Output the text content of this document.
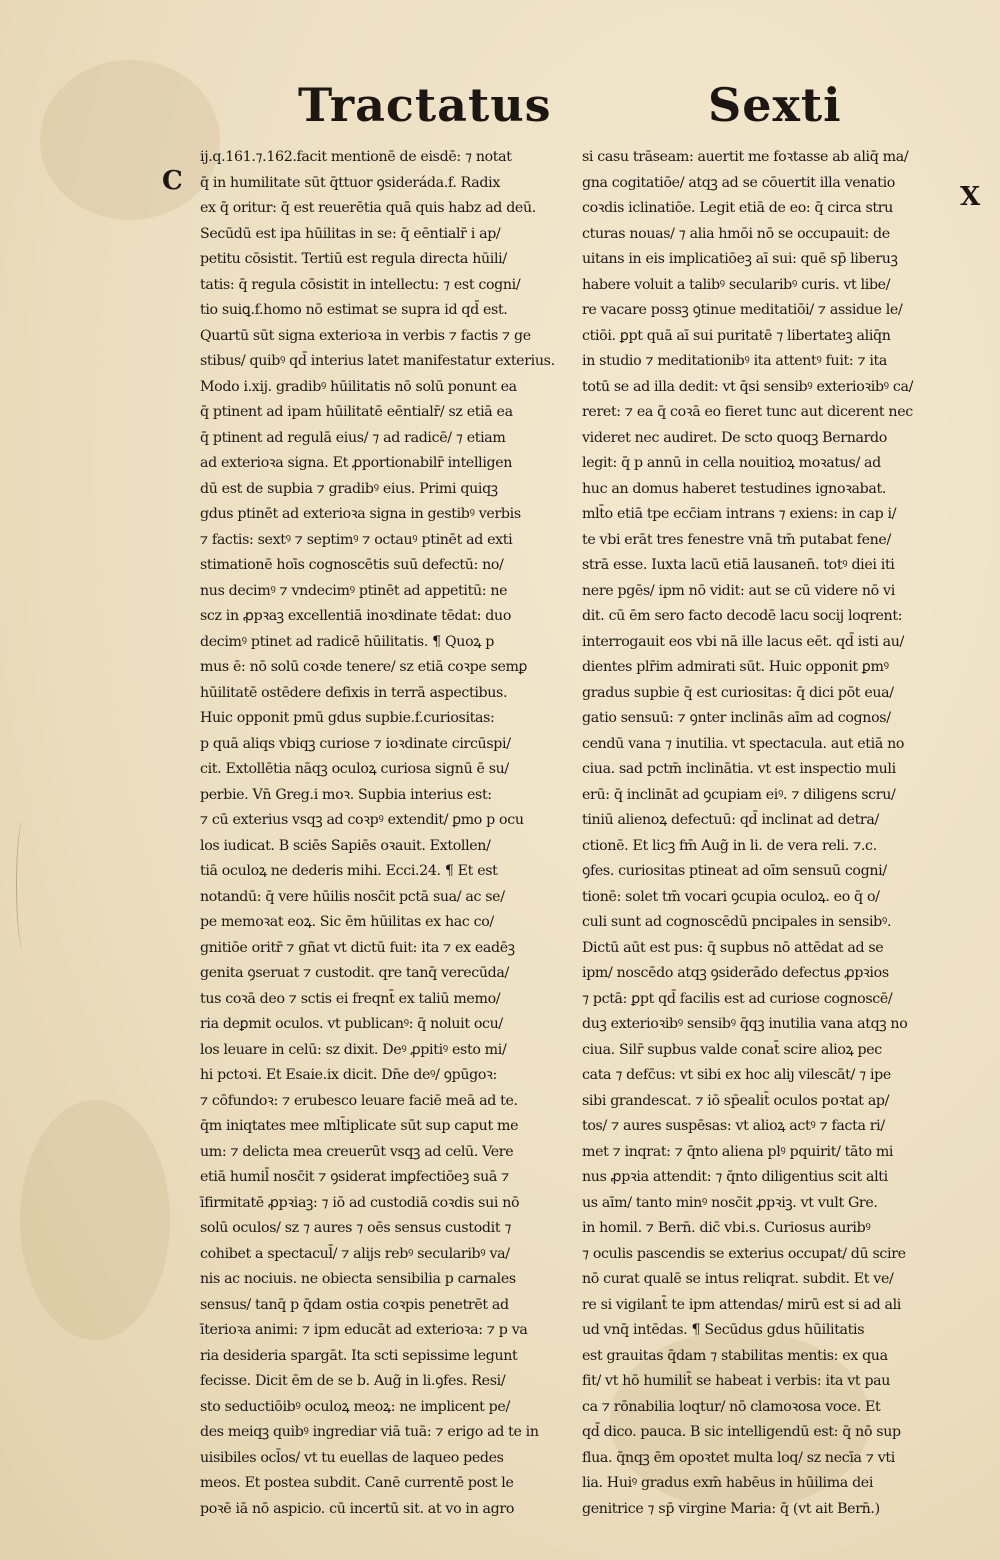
Tractatus	Sexti
C
X
ij.q.161.⁊.162.facit mentionē de eisdē: ⁊ notat
q̄ in humilitate sūt q̄ttuor ꝯsideráda.f. Radix
ex q̄ oritur: q̄ est reuerētia quā quis habz ad deū.
Secūdū est ipa hūilitas in se: q̄ eēntialr̄ i ap/
petitu cōsistit. Tertiū est regula directa hūili/
tatis: q̄ regula cōsistit in intellectu: ⁊ est cogni/
tio suiꝗ.f.homo nō estimat se supra id qd̄ est.
Quartū sūt signa exterioꝛa in verbis ⁊ factis ⁊ ge
stibus/ quibꝰ qd̄ interius latet manifestatur exterius.
Modo i.xij. gradibꝰ hūilitatis nō solū ponunt ea
q̄ ptinent ad ipam hūilitatē eēntialr̄/ sz etiā ea
q̄ ptinent ad regulā eius/ ⁊ ad radicē/ ⁊ etiam
ad exterioꝛa signa. Et ꝓportionabilr̄ intelligen
dū est de supbia ⁊ gradibꝰ eius. Primi quiqꝫ
gdus ptinēt ad exterioꝛa signa in gestibꝰ verbis
⁊ factis: sextꝰ ⁊ septimꝰ ⁊ octauꝰ ptinēt ad exti
stimationē hoīs cognoscētis suū defectū: no/
nus decimꝰ ⁊ vndecimꝰ ptinēt ad appetitū: ne
scz in ꝓpꝛaꝫ excellentiā inoꝛdinate tēdat: duo
decimꝰ ptinet ad radicē hūilitatis. ¶ Quoꝝ p
mus ē: nō solū coꝛde tenere/ sz etiā coꝛpe semꝑ
hūilitatē ostēdere defixis in terrā aspectibus.
Huic opponit pmū gdus supbie.f.curiositas:
p quā aliqs vbiqꝫ curiose ⁊ ioꝛdinate circūspi/
cit. Extollētia nāqꝫ oculoꝝ curiosa signū ē su/
perbie. Vn̄ Greg.i moꝛ. Supbia interius est:
⁊ cū exterius vsqꝫ ad coꝛpꝰ extendit/ ꝑmo p ocu
los iudicat. B sciēs Sapiēs oꝛauit. Extollen/
tiā oculoꝝ ne dederis mihi. Ecci.24. ¶ Et est
notandū: q̄ vere hūilis nosc̄it pctā sua/ ac se/
pe memoꝛat eoꝝ. Sic ēm hūilitas ex hac co/
gnitiōe oritr̄ ⁊ gñat vt dictū fuit: ita ⁊ ex eadēꝫ
genita ꝯseruat ⁊ custodit. qre tanq̄ verecūda/
tus coꝛā deo ⁊ sctis ei freqnt̄ ex taliū memo/
ria deꝑmit oculos. vt publicanꝰ: q̄ noluit ocu/
los leuare in celū: sz dixit. Deꝰ ꝓpitiꝰ esto mi/
hi pctoꝛi. Et Esaie.ix dicit. Dn̄e deꝰ/ ꝯpūgoꝛ:
⁊ cōfundoꝛ: ⁊ erubesco leuare faciē meā ad te.
q̄m iniqtates mee mlt̄iplicate sūt sup caput me
um: ⁊ delicta mea creuerūt vsqꝫ ad celū. Vere
etiā humil̄ nosc̄it ⁊ ꝯsiderat imꝑfectiōeꝫ suā ⁊
īfirmitatē ꝓpꝛiaꝫ: ⁊ iō ad custodiā coꝛdis sui nō
solū oculos/ sz ⁊ aures ⁊ oēs sensus custodit ⁊
cohibet a spectacul̄/ ⁊ alijs rebꝰ secularibꝰ va/
nis ac nociuis. ne obiecta sensibilia p carnales
sensus/ tanq̄ p q̄dam ostia coꝛpis penetrēt ad
īterioꝛa animi: ⁊ ipm educāt ad exterioꝛa: ⁊ p va
ria desideria spargāt. Ita scti sepissime legunt
fecisse. Dicit ēm de se b. Aug̃ in li.ꝯfes. Resi/
sto seductiōibꝰ oculoꝝ meoꝝ: ne implicent pe/
des meiqꝫ quibꝰ ingrediar viā tuā: ⁊ erigo ad te in
uisibiles ocl̄os/ vt tu euellas de laqueo pedes
meos. Et postea subdit. Canē currentē post le
poꝛē iā nō aspicio. cū incertū sit. at vo in agro
si casu trāseam: auertit me foꝛtasse ab aliq̄ ma/
gna cogitatiōe/ atqꝫ ad se cōuertit illa venatio
coꝛdis iclinatiōe. Legit etiā de eo: q̄ circa stru
cturas nouas/ ⁊ alia hmōi nō se occupauit: de
uitans in eis implicatiōeꝫ aī sui: quē sp̄ liberuꝫ
habere voluit a talibꝰ secularibꝰ curis. vt libe/
re vacare possꝫ ꝯtinue meditatiōi/ ⁊ assidue le/
ctiōi. ꝑpt quā aī sui puritatē ⁊ libertateꝫ aliq̄n
in studio ⁊ meditationibꝰ ita attentꝰ fuit: ⁊ ita
totū se ad illa dedit: vt q̄si sensibꝰ exterioꝛibꝰ ca/
reret: ⁊ ea q̄ coꝛā eo fieret tunc aut dicerent nec
videret nec audiret. De scto quoqꝫ Bernardo
legit: q̄ p annū in cella nouitioꝝ moꝛatus/ ad
huc an domus haberet testudines ignoꝛabat.
mlt̄o etiā tpe ecc̄iam intrans ⁊ exiens: in cap i/
te vbi erāt tres fenestre vnā tm̄ putabat fene/
strā esse. Iuxta lacū etiā lausanen̄. totꝰ diei iti
nere pgēs/ ipm nō vidit: aut se cū videre nō vi
dit. cū ēm sero facto decodē lacu socij loqrent:
interrogauit eos vbi nā ille lacus eēt. qd̄ isti au/
dientes plr̄im admirati sūt. Huic opponit ꝑmꝰ
gradus supbie q̄ est curiositas: q̄ dici pōt eua/
gatio sensuū: ⁊ ꝯnter inclinās aīm ad cognos/
cendū vana ⁊ inutilia. vt spectacula. aut etiā no
ciua. sad pctm̄ inclinātia. vt est inspectio muli
erū: q̄ inclināt ad ꝯcupiam eiꝰ. ⁊ diligens scru/
tiniū alienoꝝ defectuū: qd̄ inclinat ad detra/
ctionē. Et licꝫ fm̄ Aug̃ in li. de vera reli. ⁊.c.
ꝯfes. curiositas ptineat ad oīm sensuū cogni/
tionē: solet tm̄ vocari ꝯcupia oculoꝝ. eo q̄ o/
culi sunt ad cognoscēdū pncipales in sensibꝰ.
Dictū aūt est pus: q̄ supbus nō attēdat ad se
ipm/ noscēdo atqꝫ ꝯsiderādo defectus ꝓpꝛios
⁊ pctā: ꝑpt qd̄ facilis est ad curiose cognoscē/
duꝫ exterioꝛibꝰ sensibꝰ q̄qꝫ inutilia vana atqꝫ no
ciua. Silr̄ supbus valde conat̄ scire alioꝝ pec
cata ⁊ defc̄us: vt sibi ex hoc aliȷ vilescāt/ ⁊ ipe
sibi grandescat. ⁊ iō sp̄ealit̄ oculos poꝛtat ap/
tos/ ⁊ aures suspēsas: vt alioꝝ actꝰ ⁊ facta ri/
met ⁊ inqrat: ⁊ q̄nto aliena plꝰ pquirit/ tāto mi
nus ꝓpꝛia attendit: ⁊ q̄nto diligentius scit alti
us aīm/ tanto minꝰ nosc̄it ꝓpꝛiꝫ. vt vult Gre.
in homil. ⁊ Bern̄. dic̄ vbi.s. Curiosus auribꝰ
⁊ oculis pascendis se exterius occupat/ dū scire
nō curat qualē se intus reliqrat. subdit. Et ve/
re si vigilant̄ te ipm attendas/ mirū est si ad ali
ud vnq̄ intēdas. ¶ Secūdus gdus hūilitatis
est grauitas q̄dam ⁊ stabilitas mentis: ex qua
fit/ vt hō humilit̄ se habeat i verbis: ita vt pau
ca ⁊ rōnabilia loqtur/ nō clamoꝛosa voce. Et
qd̄ dico. pauca. B sic intelligendū est: q̄ nō sup
flua. q̄nqꝫ ēm opoꝛtet multa loq/ sz necīa ⁊ vti
lia. Huiꝰ gradus exm̄ habēus in hūilima dei
genitrice ⁊ sp̄ virgine Maria: q̄ (vt ait Bern̄.)
